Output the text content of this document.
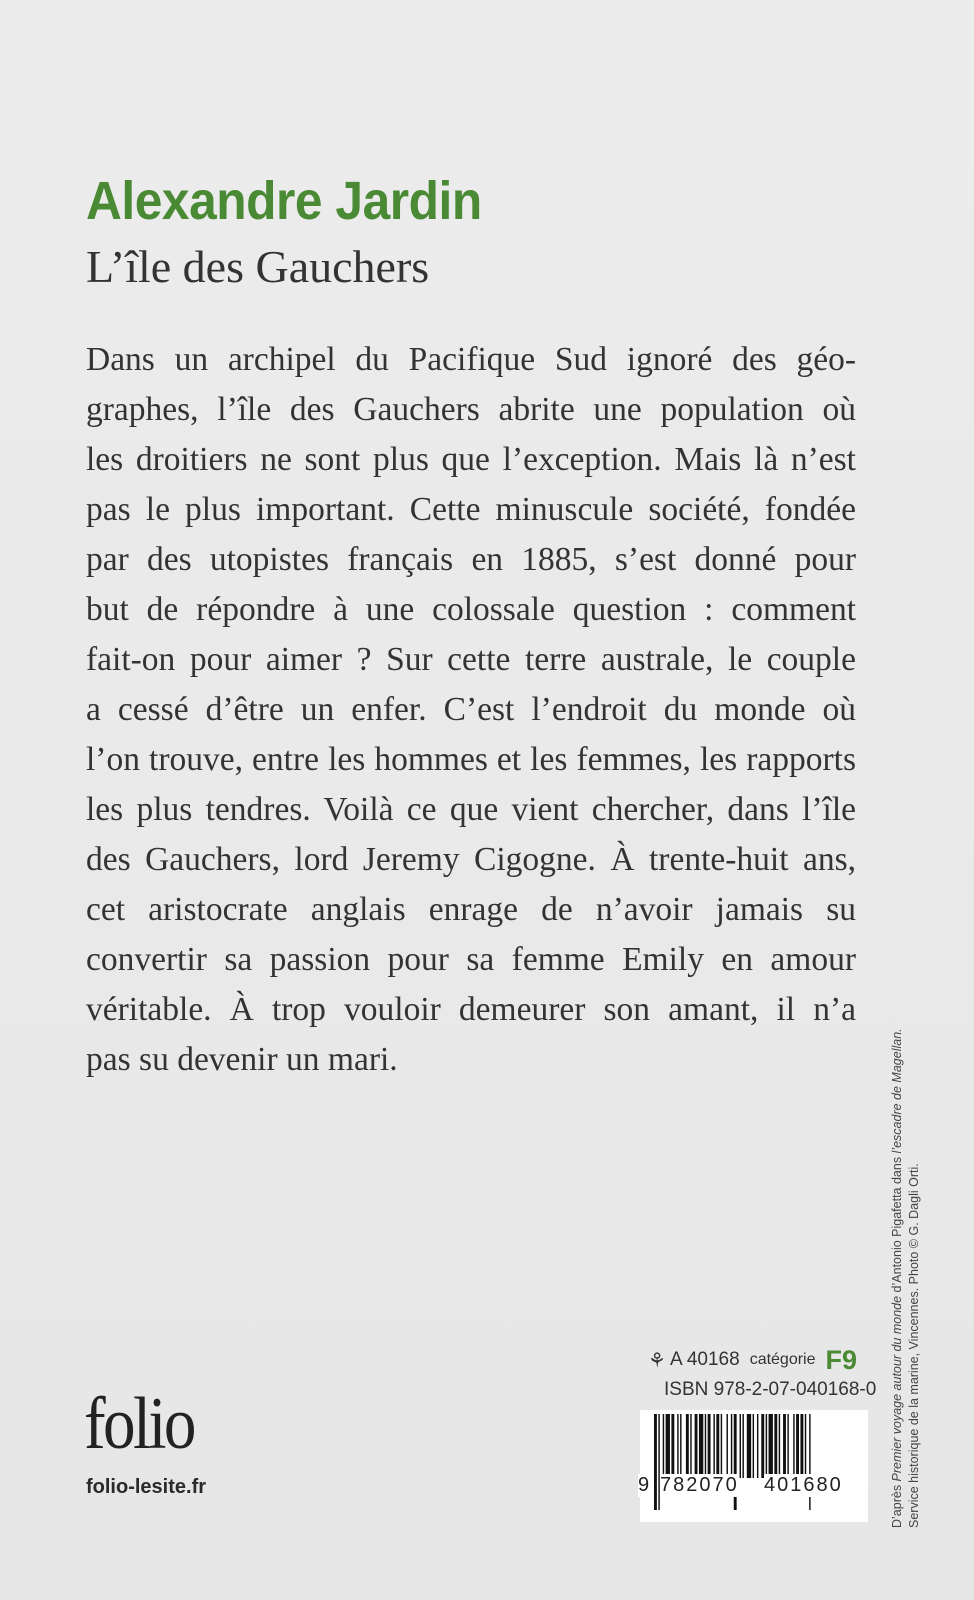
Alexandre Jardin
L’île des Gauchers
Dans un archipel du Pacifique Sud ignoré des géo-
graphes, l’île des Gauchers abrite une population où
les droitiers ne sont plus que l’exception. Mais là n’est
pas le plus important. Cette minuscule société, fondée
par des utopistes français en 1885, s’est donné pour
but de répondre à une colossale question : comment
fait-on pour aimer ? Sur cette terre australe, le couple
a cessé d’être un enfer. C’est l’endroit du monde où
l’on trouve, entre les hommes et les femmes, les rapports
les plus tendres. Voilà ce que vient chercher, dans l’île
des Gauchers, lord Jeremy Cigogne. À trente-huit ans,
cet aristocrate anglais enrage de n’avoir jamais su
convertir sa passion pour sa femme Emily en amour
véritable. À trop vouloir demeurer son amant, il n’a
pas su devenir un mari.
D’après Premier voyage autour du monde d’Antonio Pigafetta dans l’escadre de Magellan.
Service historique de la marine, Vincennes. Photo © G. Dagli Orti.
⚘ A 40168 catégorie F9
ISBN 978-2-07-040168-0
9 782070 401680
folio
folio-lesite.fr
